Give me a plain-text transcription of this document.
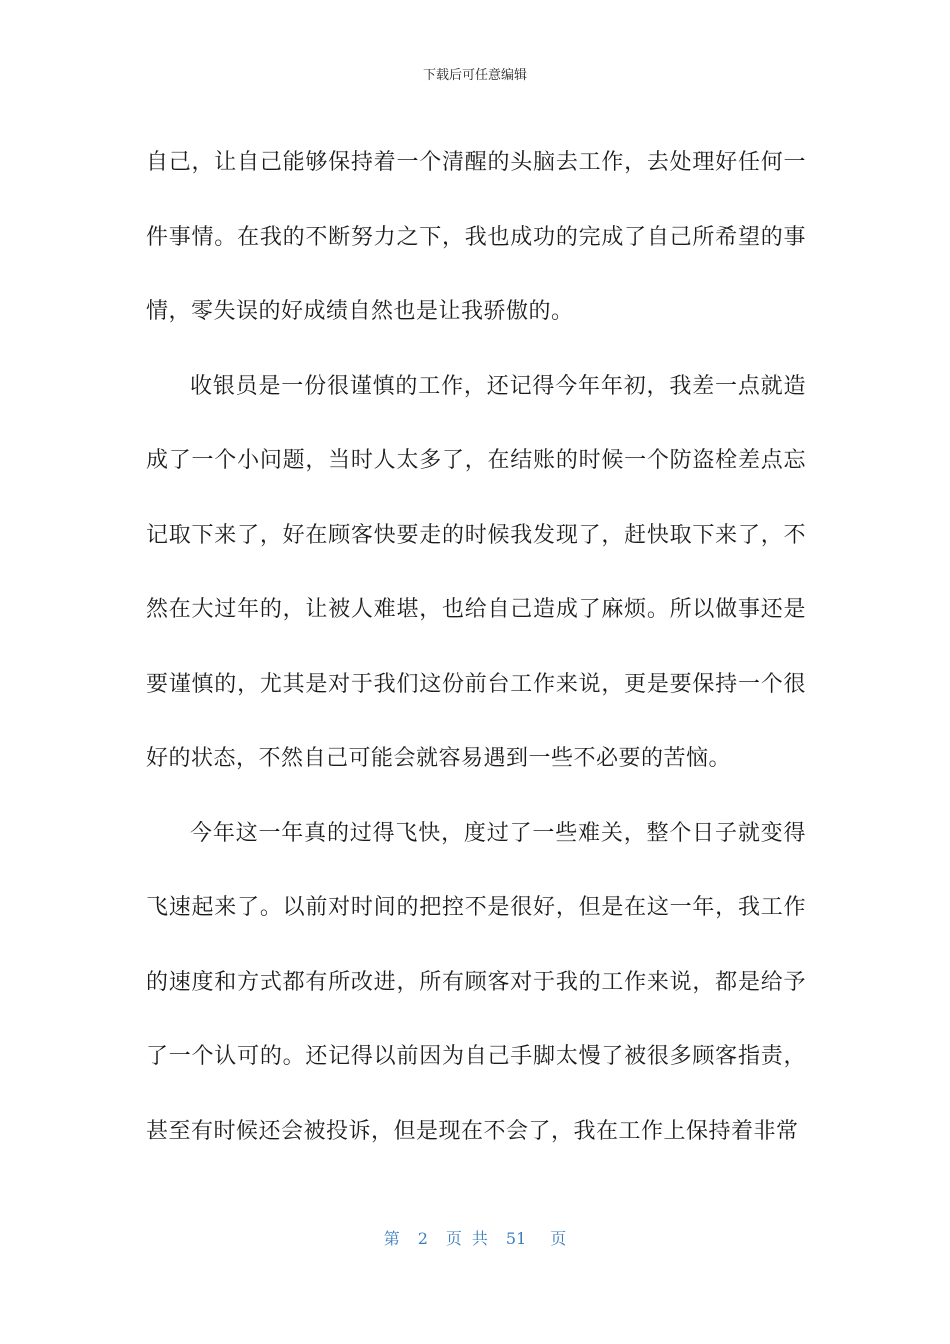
下载后可任意编辑

自己，让自己能够保持着一个清醒的头脑去工作，去处理好任何一件事情。在我的不断努力之下，我也成功的完成了自己所希望的事情，零失误的好成绩自然也是让我骄傲的。

收银员是一份很谨慎的工作，还记得今年年初，我差一点就造成了一个小问题，当时人太多了，在结账的时候一个防盗栓差点忘记取下来了，好在顾客快要走的时候我发现了，赶快取下来了，不然在大过年的，让被人难堪，也给自己造成了麻烦。所以做事还是要谨慎的，尤其是对于我们这份前台工作来说，更是要保持一个很好的状态，不然自己可能会就容易遇到一些不必要的苦恼。

今年这一年真的过得飞快，度过了一些难关，整个日子就变得飞速起来了。以前对时间的把控不是很好，但是在这一年，我工作的速度和方式都有所改进，所有顾客对于我的工作来说，都是给予了一个认可的。还记得以前因为自己手脚太慢了被很多顾客指责，甚至有时候还会被投诉，但是现在不会了，我在工作上保持着非常

第 2 页共 51 页
